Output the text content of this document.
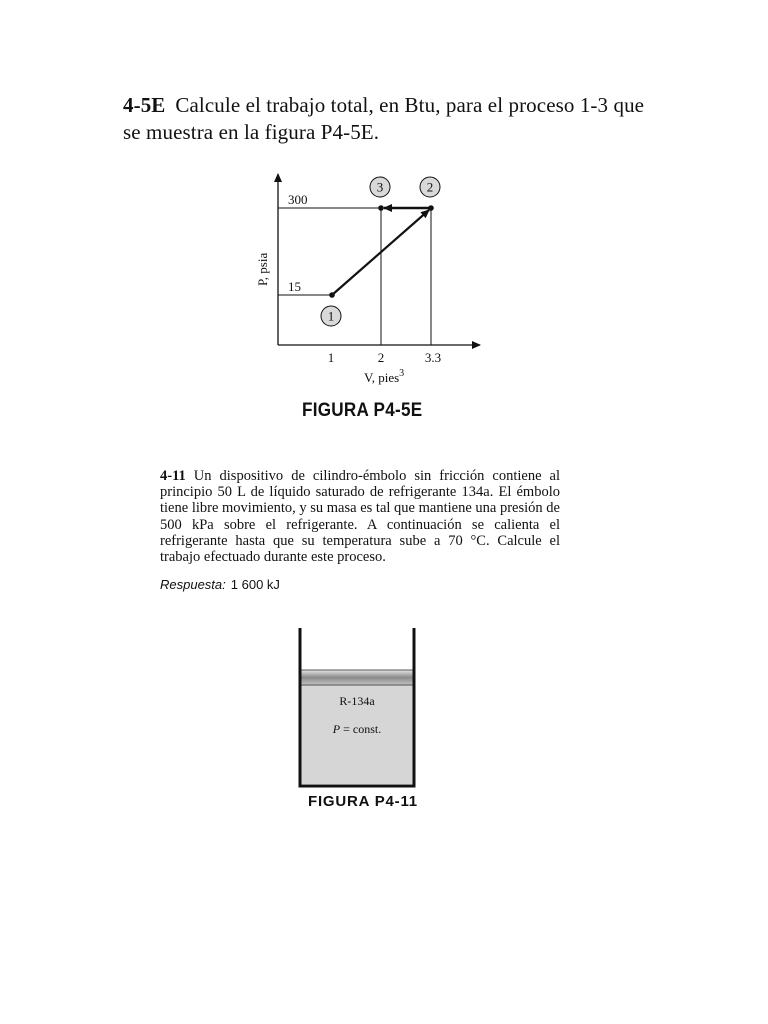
4-5E Calcule el trabajo total, en Btu, para el proceso 1-3 que se muestra en la figura P4-5E.
1
2
3
300
15
1	2	3.3
P, psia
V, pies$^3$
FIGURA P4-5E
4-11 Un dispositivo de cilindro-émbolo sin fricción contiene al principio 50 L de líquido saturado de refrigerante 134a. El émbolo tiene libre movimiento, y su masa es tal que mantiene una presión de 500 kPa sobre el refrigerante. A continuación se calienta el refrigerante hasta que su temperatura sube a 70 °C. Calcule el trabajo efectuado durante este proceso.
Respuesta: 1 600 kJ
R-134a
P = const.
FIGURA P4-11
